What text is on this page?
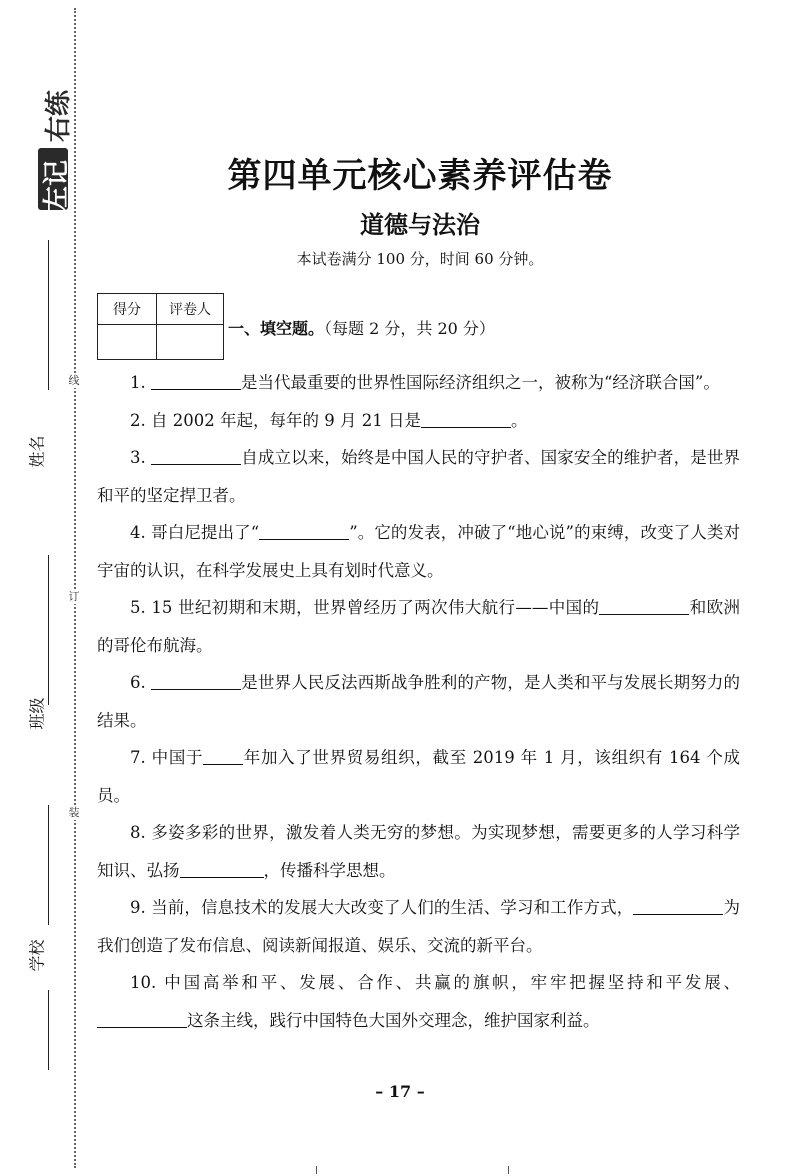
左记
右练
姓名
班级
学校
线
订
装
第四单元核心素养评估卷
道德与法治
本试卷满分 100 分，时间 60 分钟。
得分	评卷人

一、填空题。（每题 2 分，共 20 分）

1.	是当代最重要的世界性国际经济组织之一，被称为“经济联合国”。

2. 自 2002 年起，每年的 9 月 21 日是	。

3.	自成立以来，始终是中国人民的守护者、国家安全的维护者，是世界和平的坚定捍卫者。

4. 哥白尼提出了“	”。它的发表，冲破了“地心说”的束缚，改变了人类对宇宙的认识，在科学发展史上具有划时代意义。

5. 15 世纪初期和末期，世界曾经历了两次伟大航行——中国的	和欧洲的哥伦布航海。

6.	是世界人民反法西斯战争胜利的产物，是人类和平与发展长期努力的结果。

7. 中国于 年加入了世界贸易组织，截至 2019 年 1 月，该组织有 164 个成员。

8. 多姿多彩的世界，激发着人类无穷的梦想。为实现梦想，需要更多的人学习科学知识、弘扬	，传播科学思想。

9. 当前，信息技术的发展大大改变了人们的生活、学习和工作方式，	为我们创造了发布信息、阅读新闻报道、娱乐、交流的新平台。

10. 中国高举和平、发展、合作、共赢的旗帜，牢牢把握坚持和平发展、这条主线，践行中国特色大国外交理念，维护国家利益。

– 17 –
